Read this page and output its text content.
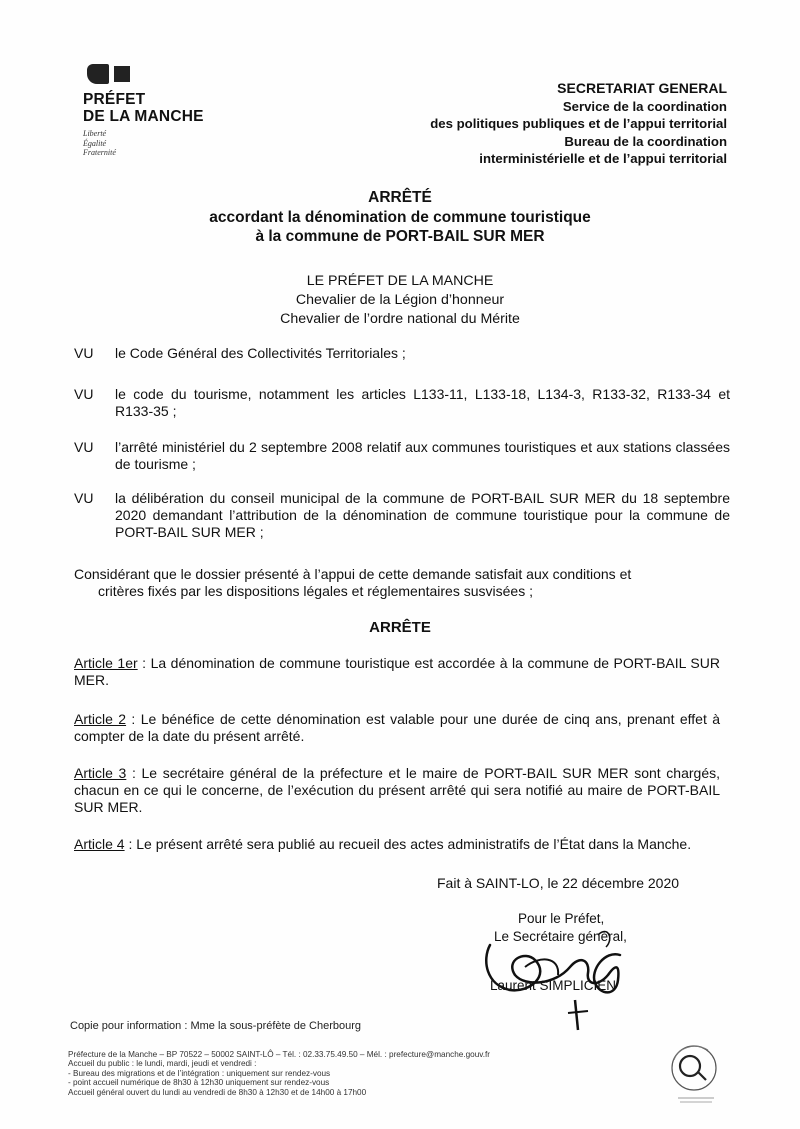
PRÉFET
DE LA MANCHE
Liberté
Égalité
Fraternité
SECRETARIAT GENERAL
Service de la coordination
des politiques publiques et de l’appui territorial
Bureau de la coordination
interministérielle et de l’appui territorial
ARRÊTÉ
accordant la dénomination de commune touristique
à la commune de PORT-BAIL SUR MER
LE PRÉFET DE LA MANCHE
Chevalier de la Légion d’honneur
Chevalier de l’ordre national du Mérite
VU le Code Général des Collectivités Territoriales ;
VU le code du tourisme, notamment les articles L133-11, L133-18, L134-3, R133-32, R133-34 et R133-35 ;
VU l’arrêté ministériel du 2 septembre 2008 relatif aux communes touristiques et aux stations classées de tourisme ;
VU la délibération du conseil municipal de la commune de PORT-BAIL SUR MER du 18 septembre 2020 demandant l’attribution de la dénomination de commune touristique pour la commune de PORT-BAIL SUR MER ;
Considérant que le dossier présenté à l’appui de cette demande satisfait aux conditions et
critères fixés par les dispositions légales et réglementaires susvisées ;
ARRÊTE
Article 1er : La dénomination de commune touristique est accordée à la commune de PORT-BAIL SUR MER.
Article 2 : Le bénéfice de cette dénomination est valable pour une durée de cinq ans, prenant effet à compter de la date du présent arrêté.
Article 3 : Le secrétaire général de la préfecture et le maire de PORT-BAIL SUR MER sont chargés, chacun en ce qui le concerne, de l’exécution du présent arrêté qui sera notifié au maire de PORT-BAIL SUR MER.
Article 4 : Le présent arrêté sera publié au recueil des actes administratifs de l’État dans la Manche.
Fait à SAINT-LO, le 22 décembre 2020
Pour le Préfet,
Le Secrétaire général,
Laurent SIMPLICIEN
Copie pour information : Mme la sous-préfète de Cherbourg
Préfecture de la Manche – BP 70522 – 50002 SAINT-LÔ – Tél. : 02.33.75.49.50 – Mél. : prefecture@manche.gouv.fr
Accueil du public : le lundi, mardi, jeudi et vendredi :
- Bureau des migrations et de l’intégration : uniquement sur rendez-vous
- point accueil numérique de 8h30 à 12h30 uniquement sur rendez-vous
Accueil général ouvert du lundi au vendredi de 8h30 à 12h30 et de 14h00 à 17h00
